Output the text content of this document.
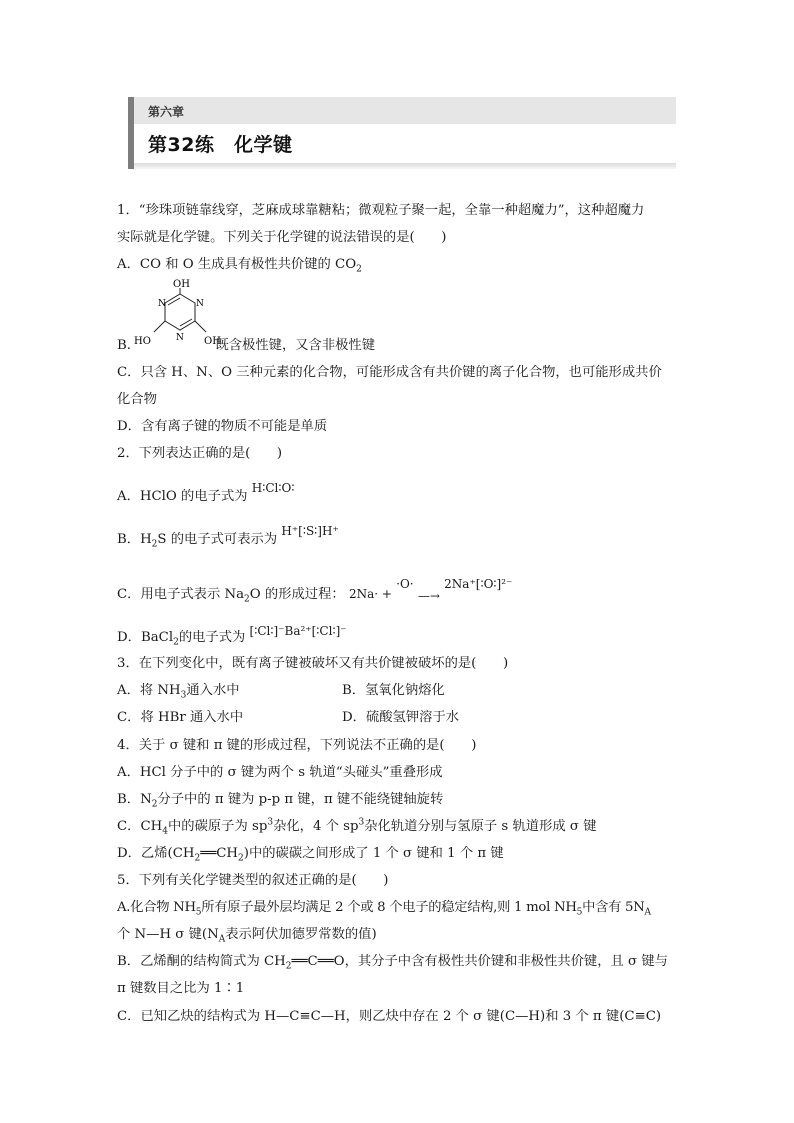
第六章
第32练　化学键
1．“珍珠项链靠线穿，芝麻成球靠糖粘；微观粒子聚一起，全靠一种超魔力”，这种超魔力
实际就是化学键。下列关于化学键的说法错误的是(　　)
A．CO 和 O 生成具有极性共价键的 $CO_2$
OH
HO	OH
N	N
N
B.	既含极性键，又含非极性键
C．只含 H、N、O 三种元素的化合物，可能形成含有共价键的离子化合物，也可能形成共价
化合物
D．含有离子键的物质不可能是单质
2．下列表达正确的是(　　)
A．HClO 的电子式为 H∶Cl∶O∶
B．$H_2S$ 的电子式可表示为 H⁺[∶S∶]H⁺
C．用电子式表示 $Na_2O$ 的形成过程： 2Na· + ·O· —→ 2Na⁺[∶O∶]²⁻
D．BaCl$_2$的电子式为 [∶Cl∶]⁻Ba²⁺[∶Cl∶]⁻
3．在下列变化中，既有离子键被破坏又有共价键被破坏的是(　　)
A．将 $NH_3$通入水中	B．氢氧化钠熔化
C．将 HBr 通入水中	D．硫酸氢钾溶于水
4．关于 σ 键和 π 键的形成过程，下列说法不正确的是(　　)
A．HCl 分子中的 σ 键为两个 s 轨道“头碰头”重叠形成
B．$N_2$分子中的 π 键为 p-p π 键，π 键不能绕键轴旋转
C．$CH_4$中的碳原子为 $sp^3$杂化，4 个 $sp^3$杂化轨道分别与氢原子 s 轨道形成 σ 键
D．乙烯$(CH_2══CH_2)$中的碳碳之间形成了 1 个 σ 键和 1 个 π 键
5．下列有关化学键类型的叙述正确的是(　　)
A.化合物 $NH_5$所有原子最外层均满足 2 个或 8 个电子的稳定结构,则 1 mol $NH_5$中含有 $5N_A$
个 N—H σ 键($N_A$表示阿伏加德罗常数的值)
B．乙烯酮的结构简式为 $CH_2══C══O$，其分子中含有极性共价键和非极性共价键，且 σ 键与
π 键数目之比为 1∶1
C．已知乙炔的结构式为 H—C≡C—H，则乙炔中存在 2 个 σ 键(C—H)和 3 个 π 键(C≡C)
